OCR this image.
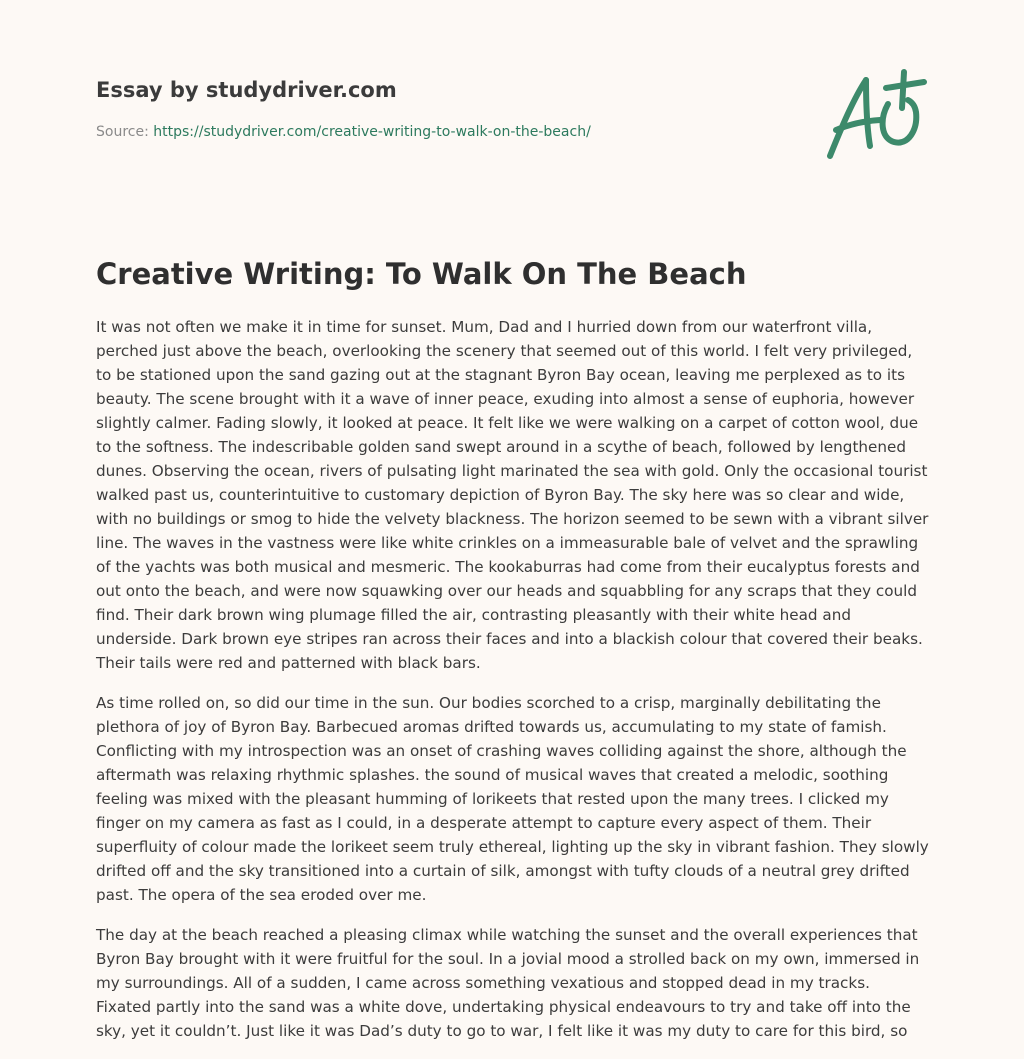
Essay by studydriver.com
Source: https://studydriver.com/creative-writing-to-walk-on-the-beach/
A+
Creative Writing: To Walk On The Beach

It was not often we make it in time for sunset. Mum, Dad and I hurried down from our waterfront villa, perched just above the beach, overlooking the scenery that seemed out of this world. I felt very privileged, to be stationed upon the sand gazing out at the stagnant Byron Bay ocean, leaving me perplexed as to its beauty. The scene brought with it a wave of inner peace, exuding into almost a sense of euphoria, however slightly calmer. Fading slowly, it looked at peace. It felt like we were walking on a carpet of cotton wool, due to the softness. The indescribable golden sand swept around in a scythe of beach, followed by lengthened dunes. Observing the ocean, rivers of pulsating light marinated the sea with gold. Only the occasional tourist walked past us, counterintuitive to customary depiction of Byron Bay. The sky here was so clear and wide, with no buildings or smog to hide the velvety blackness. The horizon seemed to be sewn with a vibrant silver line. The waves in the vastness were like white crinkles on a immeasurable bale of velvet and the sprawling of the yachts was both musical and mesmeric. The kookaburras had come from their eucalyptus forests and out onto the beach, and were now squawking over our heads and squabbling for any scraps that they could find. Their dark brown wing plumage filled the air, contrasting pleasantly with their white head and underside. Dark brown eye stripes ran across their faces and into a blackish colour that covered their beaks. Their tails were red and patterned with black bars.

As time rolled on, so did our time in the sun. Our bodies scorched to a crisp, marginally debilitating the plethora of joy of Byron Bay. Barbecued aromas drifted towards us, accumulating to my state of famish. Conflicting with my introspection was an onset of crashing waves colliding against the shore, although the aftermath was relaxing rhythmic splashes. the sound of musical waves that created a melodic, soothing feeling was mixed with the pleasant humming of lorikeets that rested upon the many trees. I clicked my finger on my camera as fast as I could, in a desperate attempt to capture every aspect of them. Their superfluity of colour made the lorikeet seem truly ethereal, lighting up the sky in vibrant fashion. They slowly drifted off and the sky transitioned into a curtain of silk, amongst with tufty clouds of a neutral grey drifted past. The opera of the sea eroded over me.

The day at the beach reached a pleasing climax while watching the sunset and the overall experiences that Byron Bay brought with it were fruitful for the soul. In a jovial mood a strolled back on my own, immersed in my surroundings. All of a sudden, I came across something vexatious and stopped dead in my tracks. Fixated partly into the sand was a white dove, undertaking physical endeavours to try and take off into the sky, yet it couldn’t. Just like it was Dad’s duty to go to war, I felt like it was my duty to care for this bird, so
